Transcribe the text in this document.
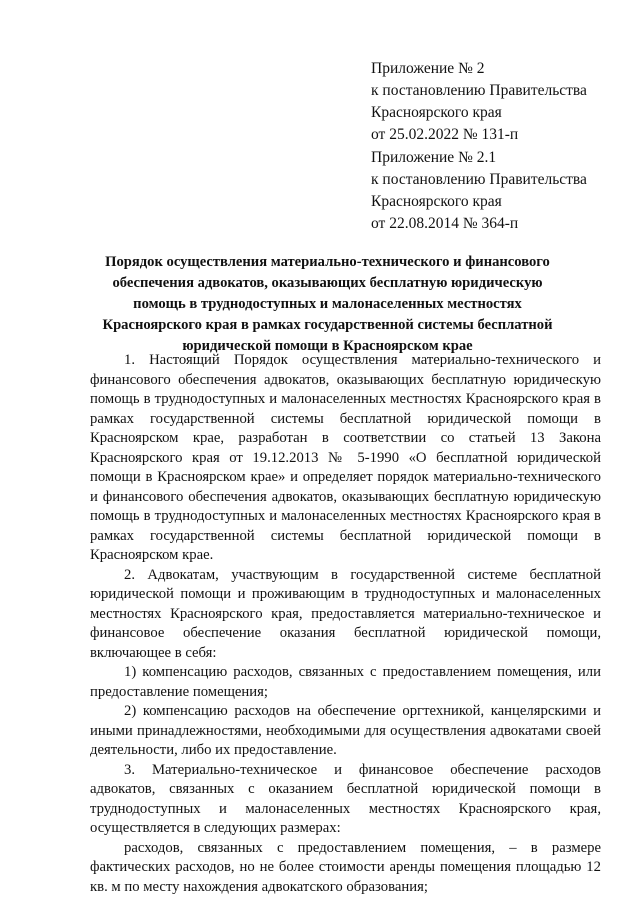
Приложение № 2
к постановлению Правительства
Красноярского края
от 25.02.2022 № 131-п
Приложение № 2.1
к постановлению Правительства
Красноярского края
от 22.08.2014 № 364-п
Порядок осуществления материально-технического и финансового
обеспечения адвокатов, оказывающих бесплатную юридическую
помощь в труднодоступных и малонаселенных местностях
Красноярского края в рамках государственной системы бесплатной
юридической помощи в Красноярском крае

1. Настоящий Порядок осуществления материально-технического и финансового обеспечения адвокатов, оказывающих бесплатную юридическую помощь в труднодоступных и малонаселенных местностях Красноярского края в рамках государственной системы бесплатной юридической помощи в Красноярском крае, разработан в соответствии со статьей 13 Закона Красноярского края от 19.12.2013 № 5-1990 «О бесплатной юридической помощи в Красноярском крае» и определяет порядок материально-технического и финансового обеспечения адвокатов, оказывающих бесплатную юридическую помощь в труднодоступных и малонаселенных местностях Красноярского края в рамках государственной системы бесплатной юридической помощи в Красноярском крае.

2. Адвокатам, участвующим в государственной системе бесплатной юридической помощи и проживающим в труднодоступных и малонаселенных местностях Красноярского края, предоставляется материально-техническое и финансовое обеспечение оказания бесплатной юридической помощи, включающее в себя:

1) компенсацию расходов, связанных с предоставлением помещения, или предоставление помещения;

2) компенсацию расходов на обеспечение оргтехникой, канцелярскими и иными принадлежностями, необходимыми для осуществления адвокатами своей деятельности, либо их предоставление.

3. Материально-техническое и финансовое обеспечение расходов адвокатов, связанных с оказанием бесплатной юридической помощи в труднодоступных и малонаселенных местностях Красноярского края, осуществляется в следующих размерах:

расходов, связанных с предоставлением помещения, – в размере фактических расходов, но не более стоимости аренды помещения площадью 12 кв. м по месту нахождения адвокатского образования;
